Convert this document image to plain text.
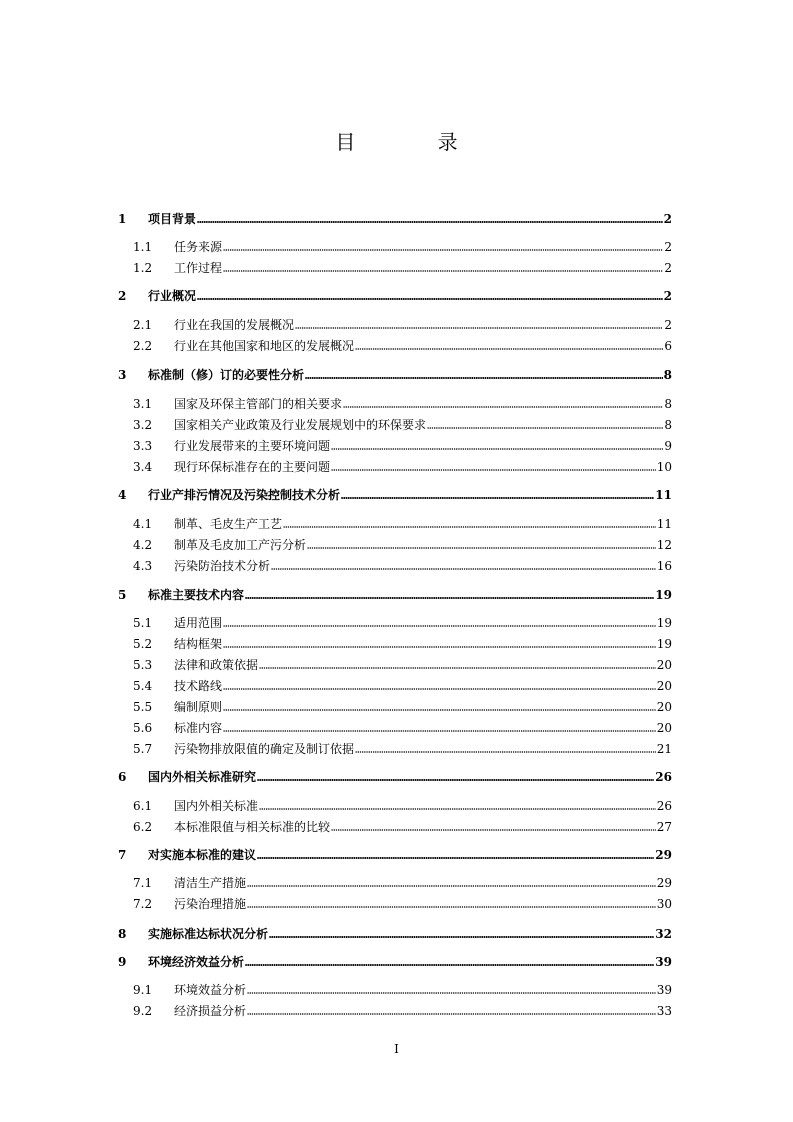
目 录
1	项目背景	2
1.1	任务来源	2
1.2	工作过程	2
2	行业概况	2
2.1	行业在我国的发展概况	2
2.2	行业在其他国家和地区的发展概况	6
3	标准制（修）订的必要性分析	8
3.1	国家及环保主管部门的相关要求	8
3.2	国家相关产业政策及行业发展规划中的环保要求	8
3.3	行业发展带来的主要环境问题	9
3.4	现行环保标准存在的主要问题	10
4	行业产排污情况及污染控制技术分析	11
4.1	制革、毛皮生产工艺	11
4.2	制革及毛皮加工产污分析	12
4.3	污染防治技术分析	16
5	标准主要技术内容	19
5.1	适用范围	19
5.2	结构框架	19
5.3	法律和政策依据	20
5.4	技术路线	20
5.5	编制原则	20
5.6	标准内容	20
5.7	污染物排放限值的确定及制订依据	21
6	国内外相关标准研究	26
6.1	国内外相关标准	26
6.2	本标准限值与相关标准的比较	27
7	对实施本标准的建议	29
7.1	清洁生产措施	29
7.2	污染治理措施	30
8	实施标准达标状况分析	32
9	环境经济效益分析	39
9.1	环境效益分析	39
9.2	经济损益分析	33
I
